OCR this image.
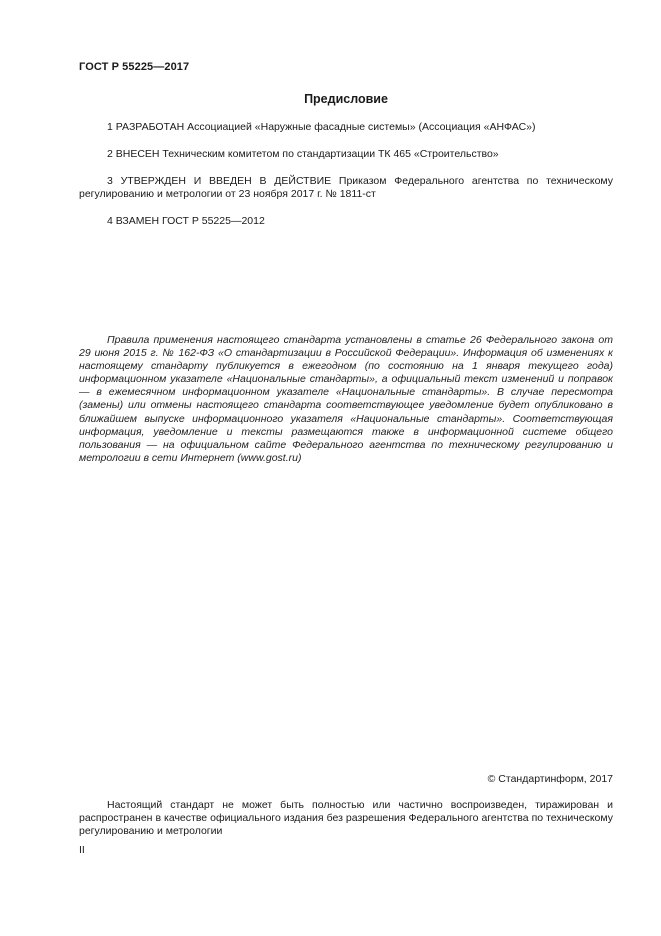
ГОСТ Р 55225—2017
Предисловие

1 РАЗРАБОТАН Ассоциацией «Наружные фасадные системы» (Ассоциация «АНФАС»)

2 ВНЕСЕН Техническим комитетом по стандартизации ТК 465 «Строительство»

3 УТВЕРЖДЕН И ВВЕДЕН В ДЕЙСТВИЕ Приказом Федерального агентства по техническому регулированию и метрологии от 23 ноября 2017 г. № 1811-ст

4 ВЗАМЕН ГОСТ Р 55225—2012

Правила применения настоящего стандарта установлены в статье 26 Федерального закона от 29 июня 2015 г. № 162-ФЗ «О стандартизации в Российской Федерации». Информация об изменениях к настоящему стандарту публикуется в ежегодном (по состоянию на 1 января текущего года) информационном указателе «Национальные стандарты», а официальный текст изменений и поправок — в ежемесячном информационном указателе «Национальные стандарты». В случае пересмотра (замены) или отмены настоящего стандарта соответствующее уведомление будет опубликовано в ближайшем выпуске информационного указателя «Национальные стандарты». Соответствующая информация, уведомление и тексты размещаются также в информационной системе общего пользования — на официальном сайте Федерального агентства по техническому регулированию и метрологии в сети Интернет (www.gost.ru)

© Стандартинформ, 2017

Настоящий стандарт не может быть полностью или частично воспроизведен, тиражирован и распространен в качестве официального издания без разрешения Федерального агентства по техническому регулированию и метрологии

II
